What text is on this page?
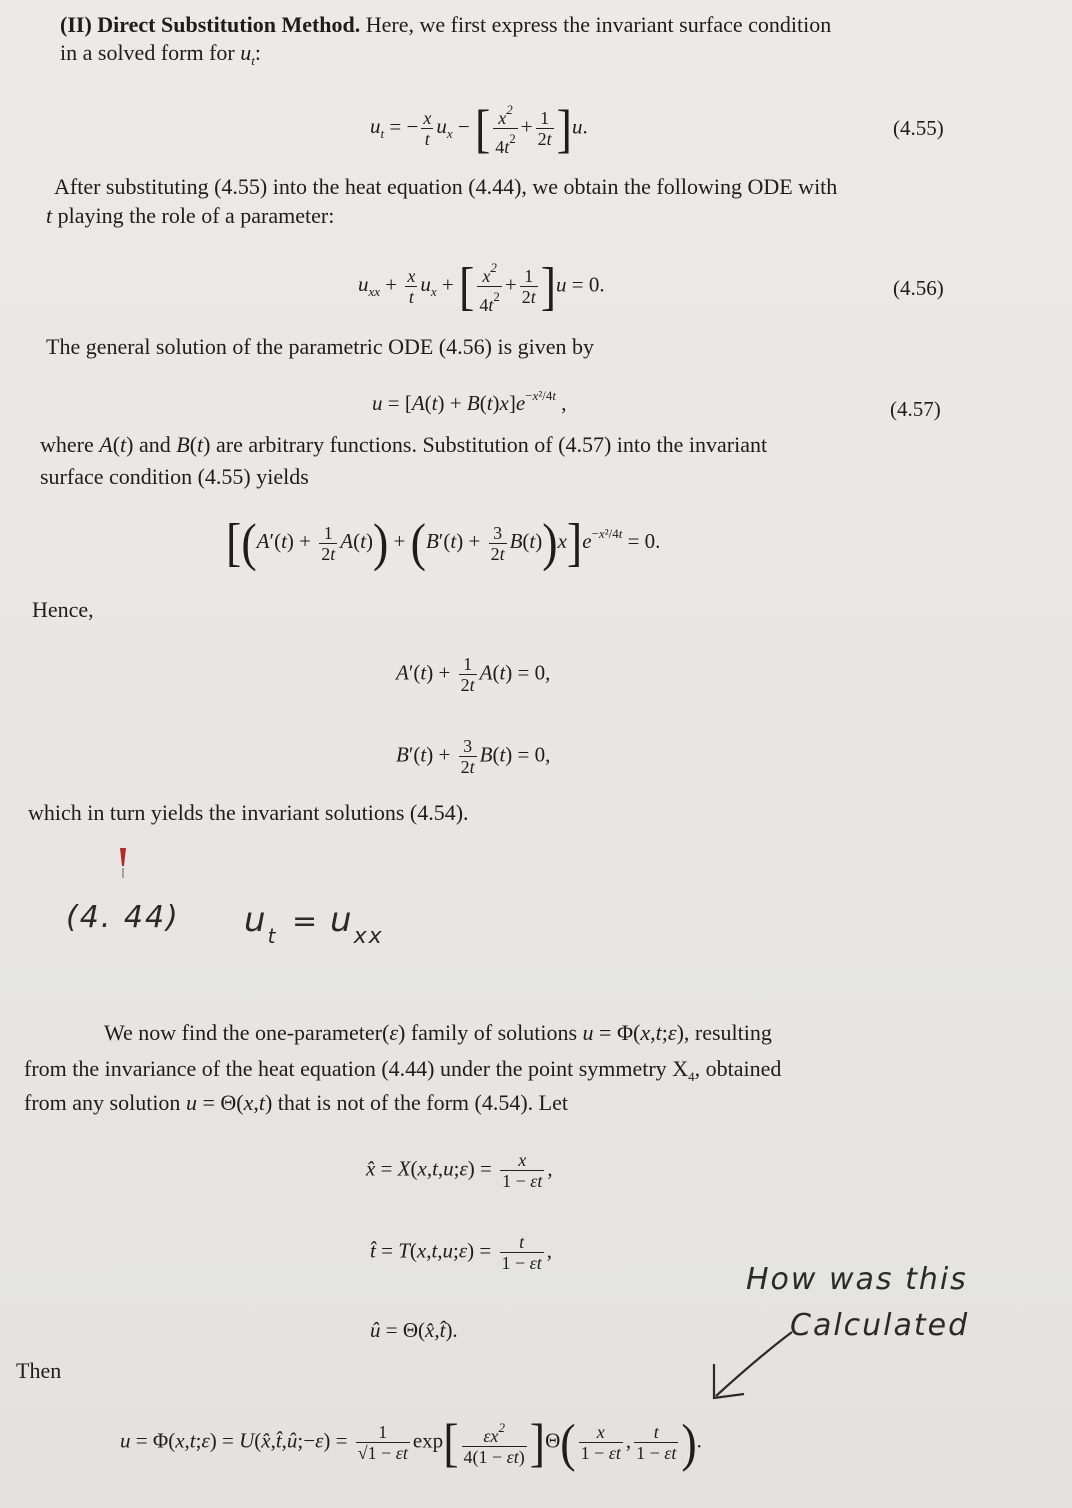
(II) Direct Substitution Method. Here, we first express the invariant surface condition
in a solved form for $u_t$:
$u_t$ = − $\frac{x}{t} u_x$ − [ $\frac{x^2}{4t^2} + \frac{1}{2t} ]u$.	(4.55)
After substituting (4.55) into the heat equation (4.44), we obtain the following ODE with
t playing the role of a parameter:
$u_{xx} + \frac{x}{t} u_x$ + [ $\frac{x^2}{4t^2} + \frac{1}{2t} ]u = 0$.	(4.56)
The general solution of the parametric ODE (4.56) is given by
$u = [A(t) + B(t)x]e^{-x^2/4t}$ ,	(4.57)
where A(t) and B(t) are arbitrary functions. Substitution of (4.57) into the invariant
surface condition (4.55) yields
$[(A'(t) + \frac{1}{2t} A(t)) + (B'(t) + \frac{3}{2t} B(t))x]e^{-x^2/4t} = 0$.
Hence,
$A'(t) + \frac{1}{2t} A(t) = 0$,
$B'(t) + \frac{3}{2t} B(t) = 0$,
which in turn yields the invariant solutions (4.54).
(4. 44) $u_t = u_{xx}$
We now find the one-parameter(ε) family of solutions u = Φ(x,t;ε), resulting
from the invariance of the heat equation (4.44) under the point symmetry $X_4$, obtained
from any solution u = Θ(x,t) that is not of the form (4.54). Let
x̂ = X(x,t,u;ε) = $\frac{x}{1 - \varepsilon t}$ ,
t̂ = T(x,t,u;ε) = $\frac{t}{1 - \varepsilon t}$ ,
û = Θ(x̂,t̂).
How was this
Calculated
Then
u = Φ(x,t;ε) = U(x̂,t̂,û;−ε) = $\frac{1}{√1 - \varepsilon t} \exp[ \frac{\varepsilon x^2}{4(1 - \varepsilon t)} ]\Theta( \frac{x}{1 - \varepsilon t}$ , $\frac{t}{1 - \varepsilon t}$ ).
